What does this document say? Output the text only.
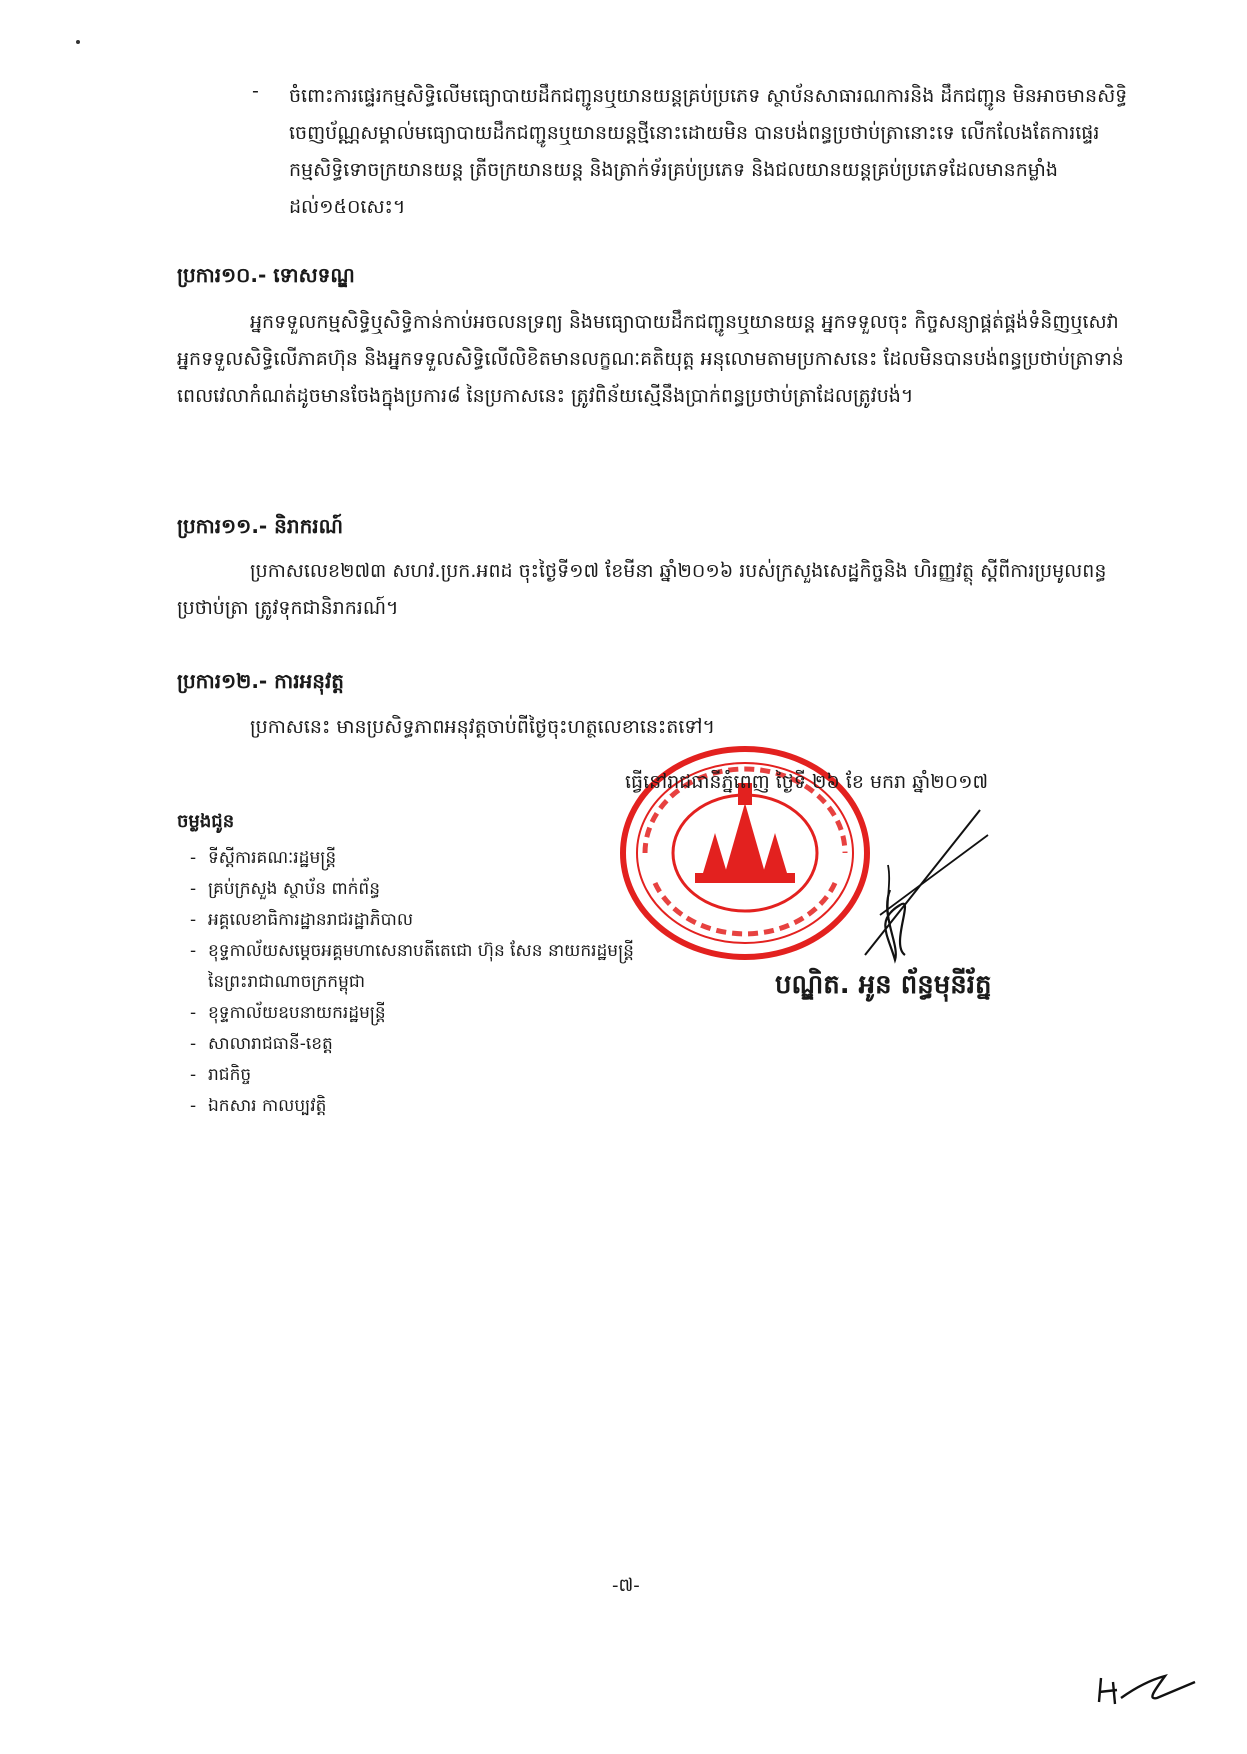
- ចំពោះការផ្ទេរកម្មសិទ្ធិលើមធ្យោបាយដឹកជញ្ជូនឬយានយន្តគ្រប់ប្រភេទ ស្ថាប័នសាធារណការនិង ដឹកជញ្ជូន មិនអាចមានសិទ្ធិចេញប័ណ្ណសម្គាល់មធ្យោបាយដឹកជញ្ជូនឬយានយន្តថ្មីនោះដោយមិន បានបង់ពន្ធប្រថាប់ត្រានោះទេ លើកលែងតែការផ្ទេរកម្មសិទ្ធិទោចក្រយានយន្ត ត្រីចក្រយានយន្ត និងត្រាក់ទ័រគ្រប់ប្រភេទ និងជលយានយន្តគ្រប់ប្រភេទដែលមានកម្លាំងដល់១៥០សេះ។
ប្រការ១០.- ទោសទណ្ឌ
អ្នកទទួលកម្មសិទ្ធិឬសិទ្ធិកាន់កាប់អចលនទ្រព្យ និងមធ្យោបាយដឹកជញ្ជូនឬយានយន្ត អ្នកទទួលចុះ កិច្ចសន្យាផ្គត់ផ្គង់ទំនិញឬសេវា អ្នកទទួលសិទ្ធិលើភាគហ៊ុន និងអ្នកទទួលសិទ្ធិលើលិខិតមានលក្ខណៈគតិយុត្ត អនុលោមតាមប្រកាសនេះ ដែលមិនបានបង់ពន្ធប្រថាប់ត្រាទាន់ពេលវេលាកំណត់ដូចមានចែងក្នុងប្រការ៨ នៃប្រកាសនេះ ត្រូវពិន័យស្មើនឹងប្រាក់ពន្ធប្រថាប់ត្រាដែលត្រូវបង់។
ប្រការ១១.- និរាករណ៍
ប្រកាសលេខ២៧៣ សហវ.ប្រក.អពដ ចុះថ្ងៃទី១៧ ខែមីនា ឆ្នាំ២០១៦ របស់ក្រសួងសេដ្ឋកិច្ចនិង ហិរញ្ញវត្ថុ ស្តីពីការប្រមូលពន្ធប្រថាប់ត្រា ត្រូវទុកជានិរាករណ៍។
ប្រការ១២.- ការអនុវត្ត
ប្រកាសនេះ មានប្រសិទ្ធភាពអនុវត្តចាប់ពីថ្ងៃចុះហត្ថលេខានេះតទៅ។
ធ្វើនៅរាជធានីភ្នំពេញ ថ្ងៃទី ២៦ ខែ មករា ឆ្នាំ២០១៧
ចម្លងជូន
- ទីស្តីការគណៈរដ្ឋមន្ត្រី
- គ្រប់ក្រសួង ស្ថាប័ន ពាក់ព័ន្ធ
- អគ្គលេខាធិការដ្ឋានរាជរដ្ឋាភិបាល
- ខុទ្ទកាល័យសម្តេចអគ្គមហាសេនាបតីតេជោ ហ៊ុន សែន នាយករដ្ឋមន្ត្រី នៃព្រះរាជាណាចក្រកម្ពុជា
- ខុទ្ទកាល័យឧបនាយករដ្ឋមន្ត្រី
- សាលារាជធានី-ខេត្ត
- រាជកិច្ច
- ឯកសារ កាលប្បវត្តិ
បណ្ឌិត. អូន ព័ន្ធមុនីរ័ត្ន
-៧-
